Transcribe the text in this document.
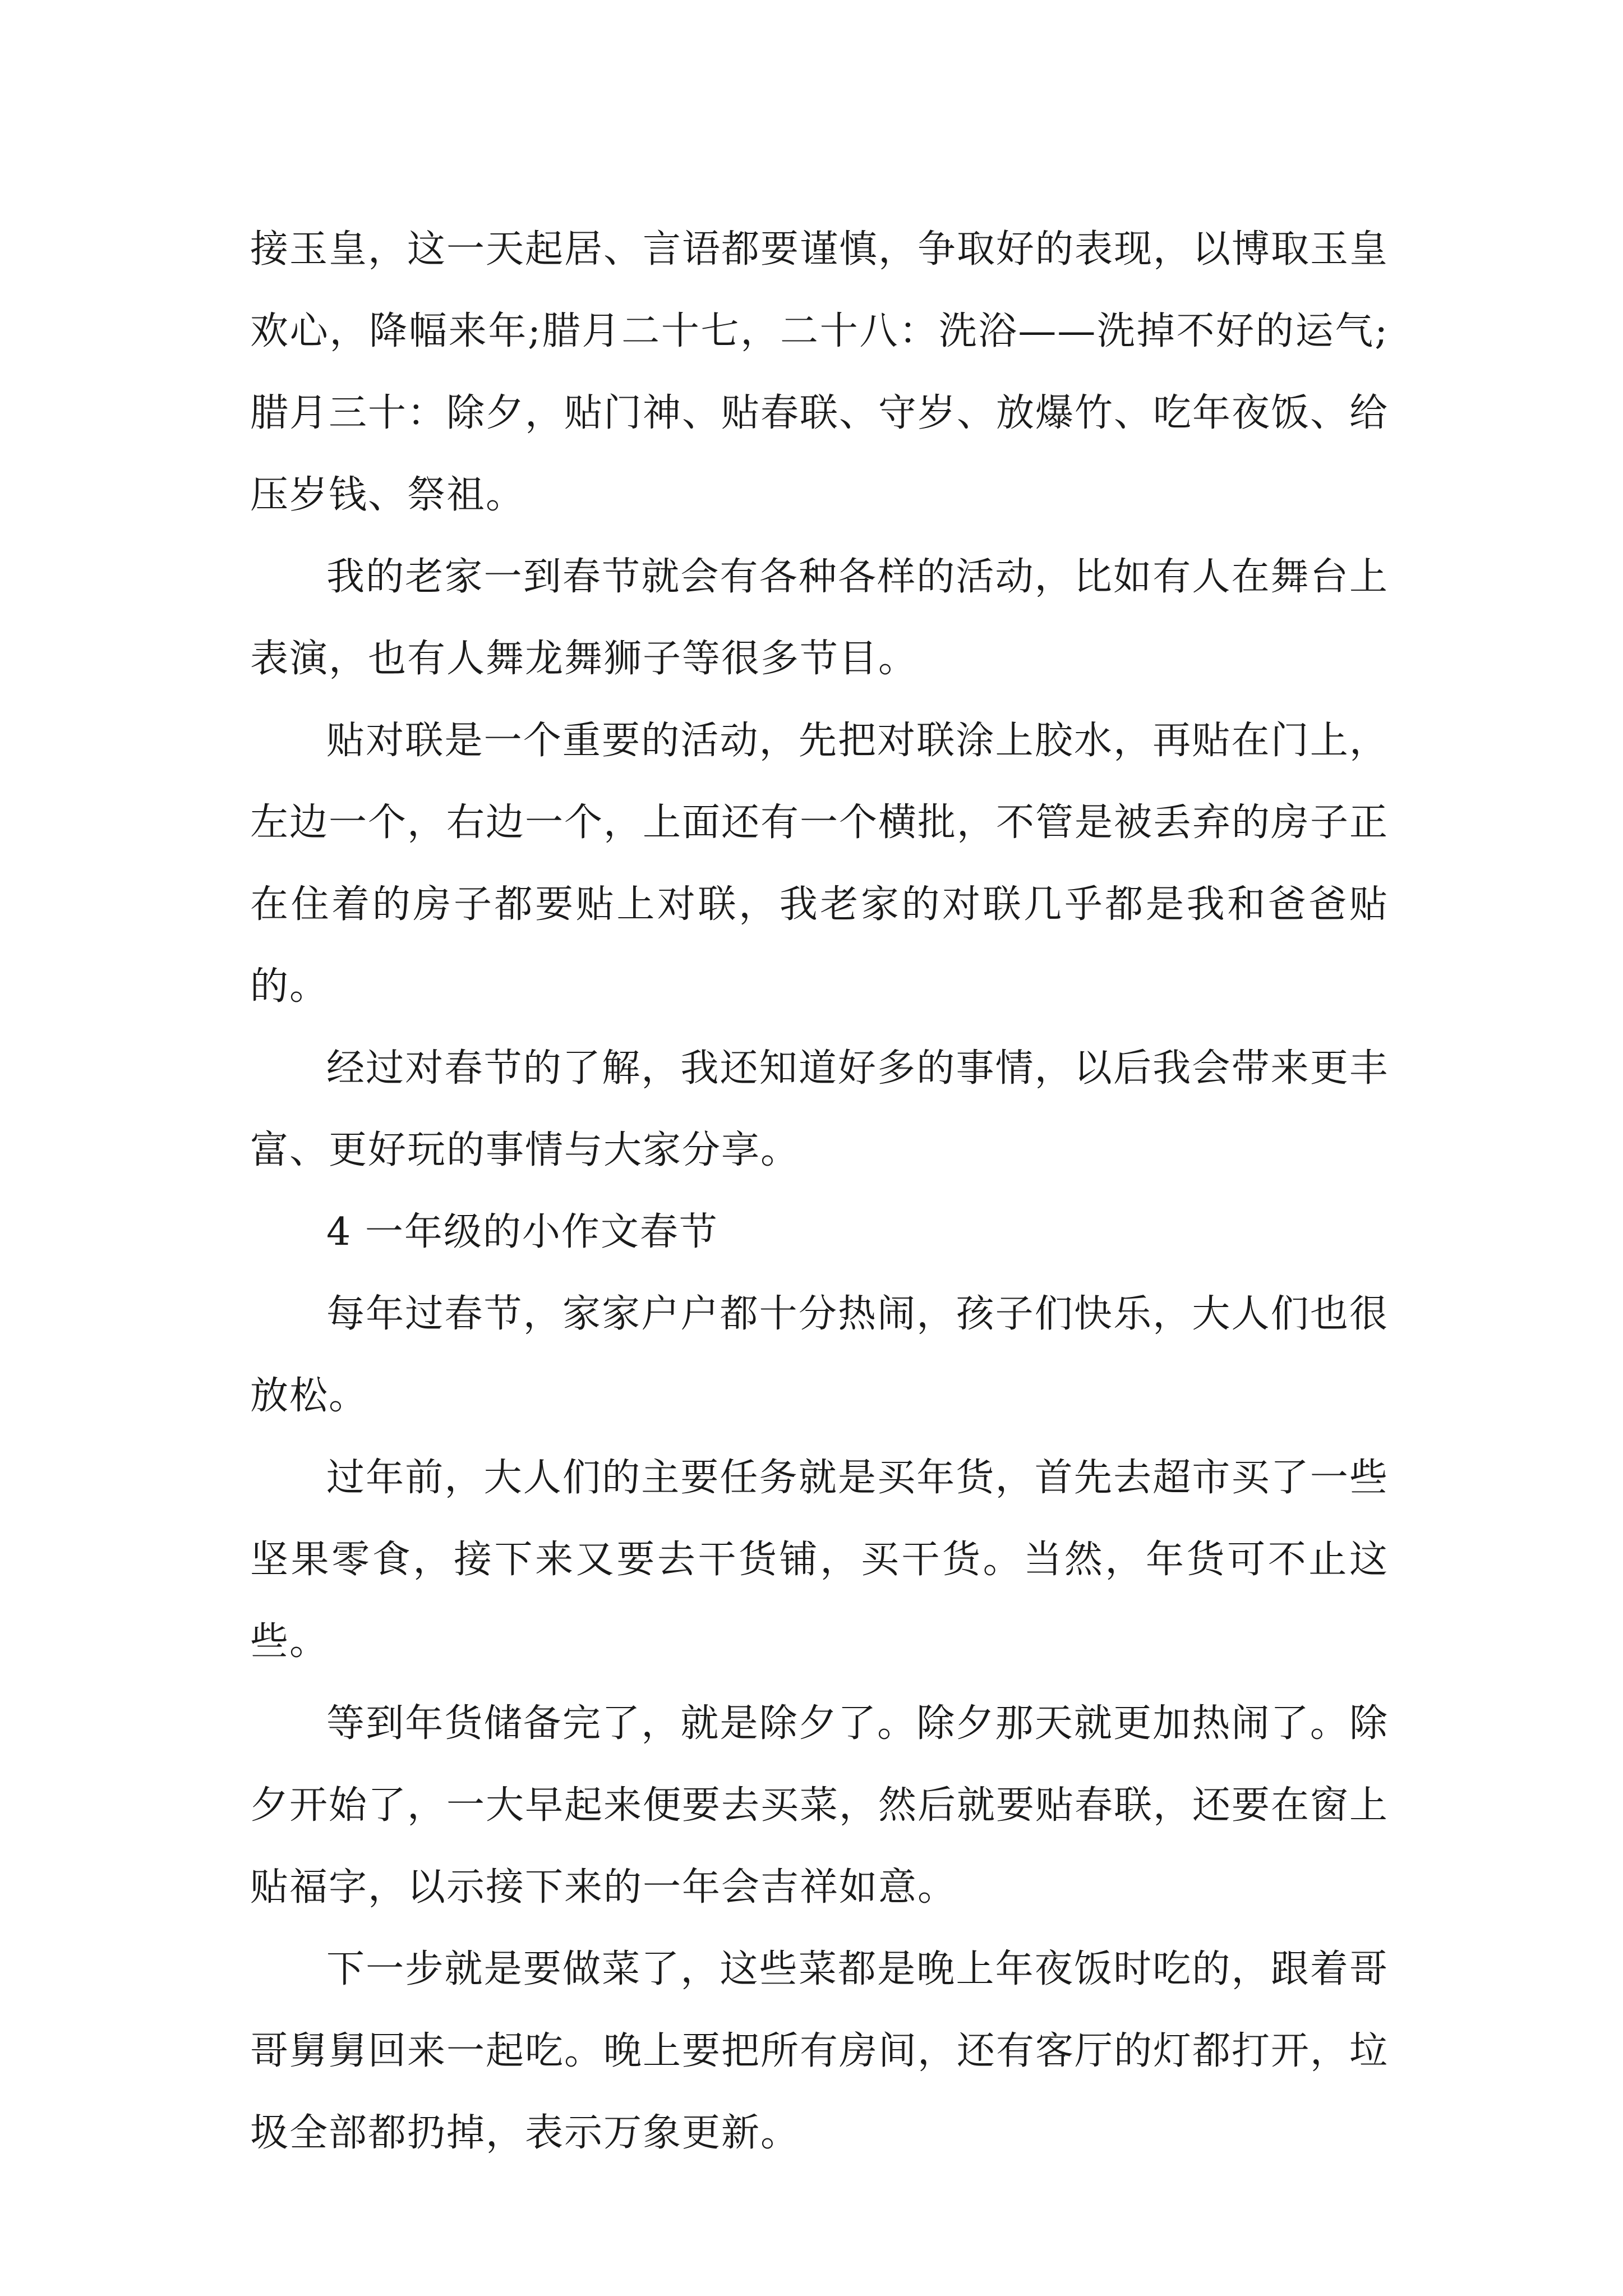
接玉皇，这一天起居、言语都要谨慎，争取好的表现，以博取玉皇欢心，降幅来年;腊月二十七，二十八：洗浴——洗掉不好的运气;腊月三十：除夕，贴门神、贴春联、守岁、放爆竹、吃年夜饭、给压岁钱、祭祖。

我的老家一到春节就会有各种各样的活动，比如有人在舞台上表演，也有人舞龙舞狮子等很多节目。

贴对联是一个重要的活动，先把对联涂上胶水，再贴在门上，左边一个，右边一个，上面还有一个横批，不管是被丢弃的房子正在住着的房子都要贴上对联，我老家的对联几乎都是我和爸爸贴的。

经过对春节的了解，我还知道好多的事情，以后我会带来更丰富、更好玩的事情与大家分享。

4 一年级的小作文春节

每年过春节，家家户户都十分热闹，孩子们快乐，大人们也很放松。

过年前，大人们的主要任务就是买年货，首先去超市买了一些坚果零食，接下来又要去干货铺，买干货。当然，年货可不止这些。

等到年货储备完了，就是除夕了。除夕那天就更加热闹了。除夕开始了，一大早起来便要去买菜，然后就要贴春联，还要在窗上贴福字，以示接下来的一年会吉祥如意。

下一步就是要做菜了，这些菜都是晚上年夜饭时吃的，跟着哥哥舅舅回来一起吃。晚上要把所有房间，还有客厅的灯都打开，垃圾全部都扔掉，表示万象更新。
